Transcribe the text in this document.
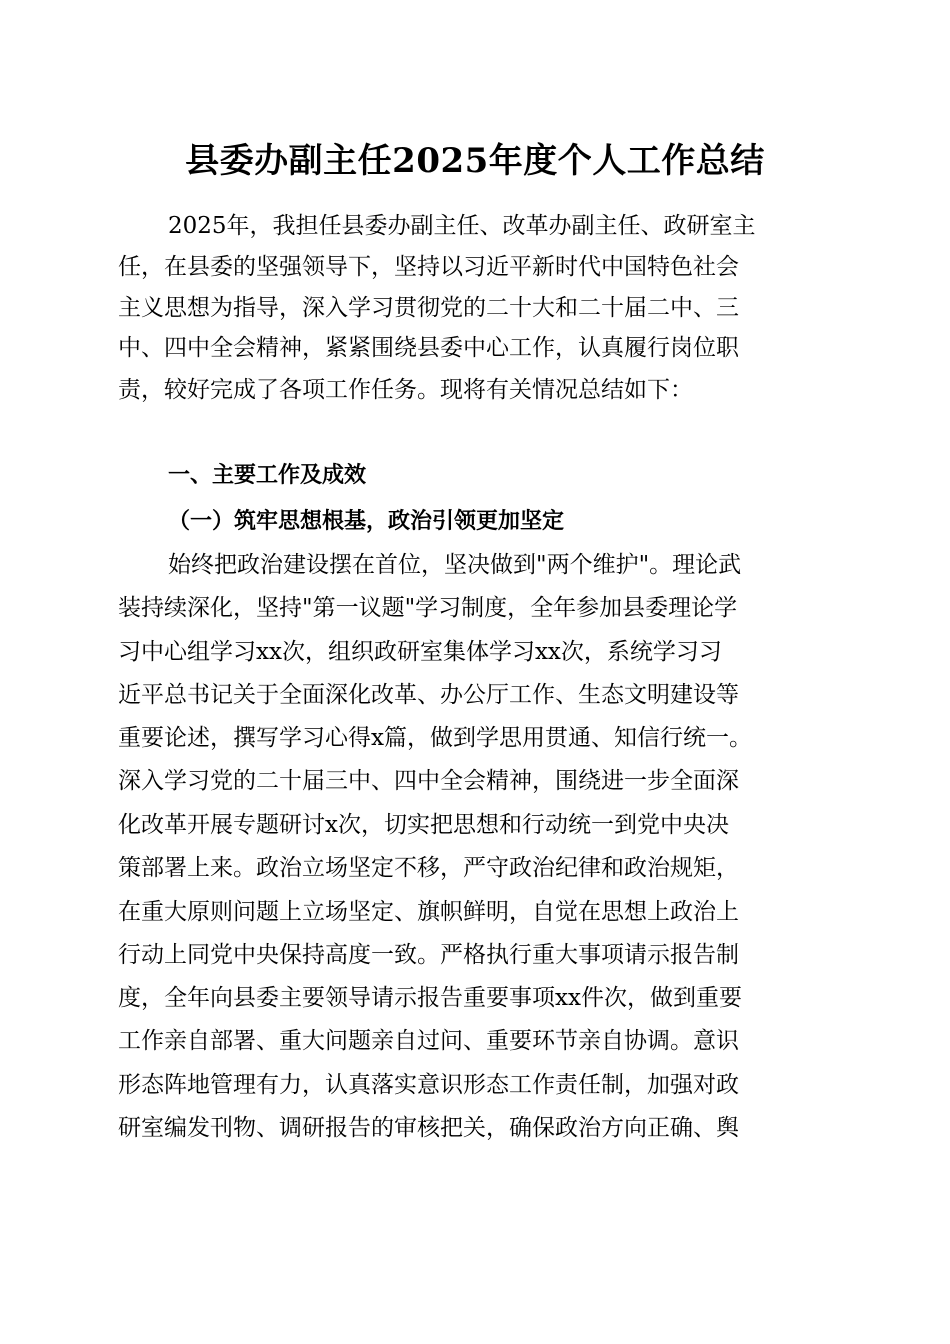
县委办副主任2025年度个人工作总结
2025年，我担任县委办副主任、改革办副主任、政研室主
任，在县委的坚强领导下，坚持以习近平新时代中国特色社会
主义思想为指导，深入学习贯彻党的二十大和二十届二中、三
中、四中全会精神，紧紧围绕县委中心工作，认真履行岗位职
责，较好完成了各项工作任务。现将有关情况总结如下：
一、主要工作及成效
（一）筑牢思想根基，政治引领更加坚定
始终把政治建设摆在首位，坚决做到"两个维护"。理论武
装持续深化，坚持"第一议题"学习制度，全年参加县委理论学
习中心组学习xx次，组织政研室集体学习xx次，系统学习习
近平总书记关于全面深化改革、办公厅工作、生态文明建设等
重要论述，撰写学习心得x篇，做到学思用贯通、知信行统一。
深入学习党的二十届三中、四中全会精神，围绕进一步全面深
化改革开展专题研讨x次，切实把思想和行动统一到党中央决
策部署上来。政治立场坚定不移，严守政治纪律和政治规矩，
在重大原则问题上立场坚定、旗帜鲜明，自觉在思想上政治上
行动上同党中央保持高度一致。严格执行重大事项请示报告制
度，全年向县委主要领导请示报告重要事项xx件次，做到重要
工作亲自部署、重大问题亲自过问、重要环节亲自协调。意识
形态阵地管理有力，认真落实意识形态工作责任制，加强对政
研室编发刊物、调研报告的审核把关，确保政治方向正确、舆
